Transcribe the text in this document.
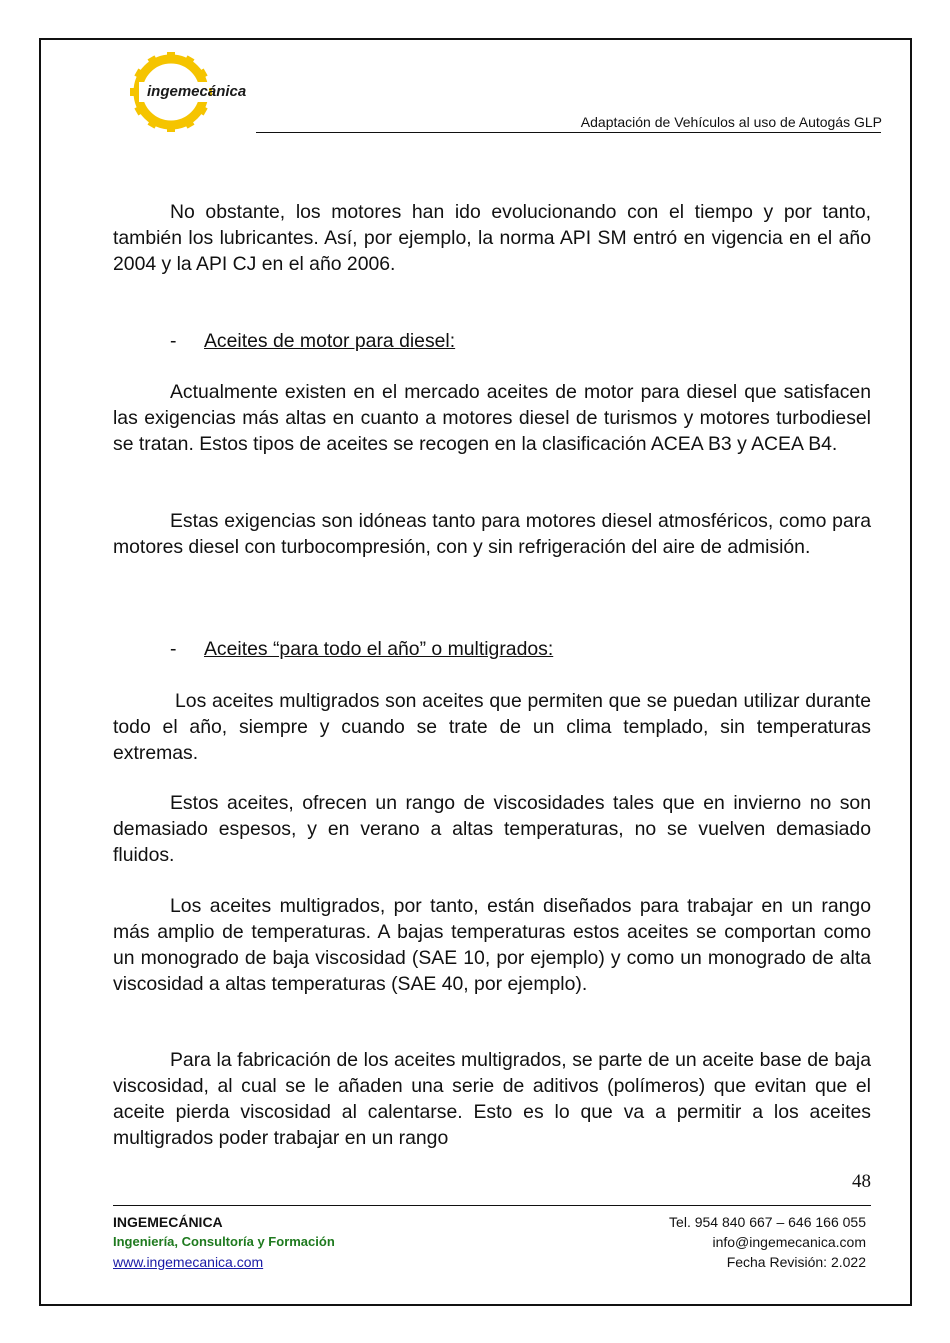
ingemecánica
Adaptación de Vehículos al uso de Autogás GLP

No obstante, los motores han ido evolucionando con el tiempo y por tanto, también los lubricantes. Así, por ejemplo, la norma API SM entró en vigencia en el año 2004 y la API CJ en el año 2006.

- Aceites de motor para diesel:

Actualmente existen en el mercado aceites de motor para diesel que satisfacen las exigencias más altas en cuanto a motores diesel de turismos y motores turbodiesel se tratan. Estos tipos de aceites se recogen en la clasificación ACEA B3 y ACEA B4.

Estas exigencias son idóneas tanto para motores diesel atmosféricos, como para motores diesel con turbocompresión, con y sin refrigeración del aire de admisión.

- Aceites “para todo el año” o multigrados:

Los aceites multigrados son aceites que permiten que se puedan utilizar durante todo el año, siempre y cuando se trate de un clima templado, sin temperaturas extremas.

Estos aceites, ofrecen un rango de viscosidades tales que en invierno no son demasiado espesos, y en verano a altas temperaturas, no se vuelven demasiado fluidos.

Los aceites multigrados, por tanto, están diseñados para trabajar en un rango más amplio de temperaturas. A bajas temperaturas estos aceites se comportan como un monogrado de baja viscosidad (SAE 10, por ejemplo) y como un monogrado de alta viscosidad a altas temperaturas (SAE 40, por ejemplo).

Para la fabricación de los aceites multigrados, se parte de un aceite base de baja viscosidad, al cual se le añaden una serie de aditivos (polímeros) que evitan que el aceite pierda viscosidad al calentarse. Esto es lo que va a permitir a los aceites multigrados poder trabajar en un rango

48
INGEMECÁNICA
Ingeniería, Consultoría y Formación
www.ingemecanica.com
Tel. 954 840 667 – 646 166 055
info@ingemecanica.com
Fecha Revisión: 2.022
